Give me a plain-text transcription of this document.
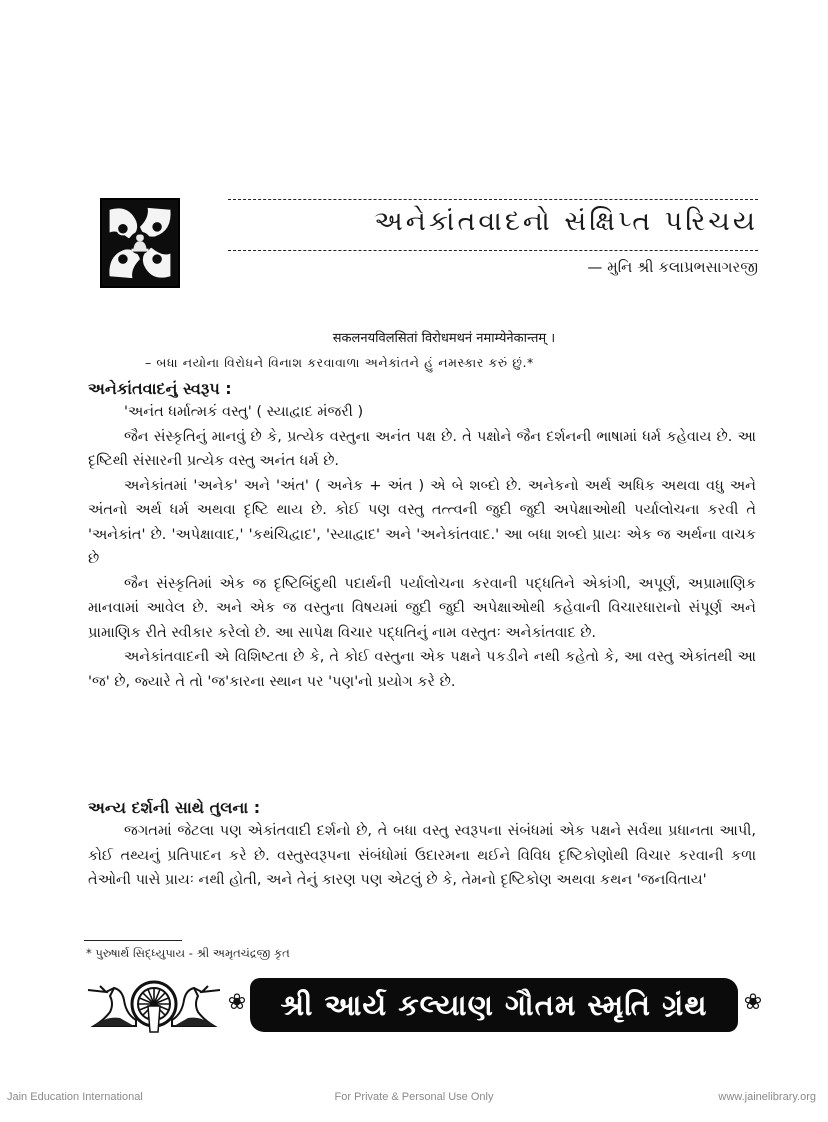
અનેકાંતવાદનો સંક્ષિપ્ત પરિચય
— મુનિ શ્રી કલાપ્રભસાગરજી
सकलनयविलसितां विरोधमथनं नमाम्येनेकान्तम् ।
– બધા નયોના વિરોધને વિનાશ કરવાવાળા અનેકાંતને હું નમસ્કાર કરું છું.*
અનેકાંતવાદનું સ્વરૂપ :

'અનંત ધર્માત્મકં વસ્તુ' ( સ્યાદ્વાદ મંજરી )

જૈન સંસ્કૃતિનું માનવું છે કે, પ્રત્યેક વસ્તુના અનંત પક્ષ છે. તે પક્ષોને જૈન દર્શનની ભાષામાં ધર્મ કહેવાય છે. આ દૃષ્ટિથી સંસારની પ્રત્યેક વસ્તુ અનંત ધર્મ છે.

અનેકાંતમાં 'અનેક' અને 'અંત' ( અનેક + અંત ) એ બે શબ્દો છે. અનેકનો અર્થ અધિક અથવા વધુ અને અંતનો અર્થ ધર્મ અથવા દૃષ્ટિ થાય છે. કોઈ પણ વસ્તુ તત્ત્વની જુદી જુદી અપેક્ષાઓથી પર્યાલોચના કરવી તે 'અનેકાંત' છે. 'અપેક્ષાવાદ,' 'કથંચિદ્વાદ', 'સ્યાદ્વાદ' અને 'અનેકાંતવાદ.' આ બધા શબ્દો પ્રાયઃ એક જ અર્થના વાચક છે

જૈન સંસ્કૃતિમાં એક જ દૃષ્ટિબિંદુથી પદાર્થની પર્યાલોચના કરવાની પદ્ધતિને એકાંગી, અપૂર્ણ, અપ્રામાણિક માનવામાં આવેલ છે. અને એક જ વસ્તુના વિષયમાં જુદી જુદી અપેક્ષાઓથી કહેવાની વિચારધારાનો સંપૂર્ણ અને પ્રામાણિક રીતે સ્વીકાર કરેલો છે. આ સાપેક્ષ વિચાર પદ્ધતિનું નામ વસ્તુતઃ અનેકાંતવાદ છે.

અનેકાંતવાદની એ વિશિષ્ટતા છે કે, તે કોઈ વસ્તુના એક પક્ષને પકડીને નથી કહેતો કે, આ વસ્તુ એકાંતથી આ 'જ' છે, જ્યારે તે તો 'જ'કારના સ્થાન પર 'પણ'નો પ્રયોગ કરે છે.

અન્ય દર્શની સાથે તુલના :

જગતમાં જેટલા પણ એકાંતવાદી દર્શનો છે, તે બધા વસ્તુ સ્વરૂપના સંબંધમાં એક પક્ષને સર્વથા પ્રધાનતા આપી, કોઈ તથ્યનું પ્રતિપાદન કરે છે. વસ્તુસ્વરૂપના સંબંધોમાં ઉદારમના થઈને વિવિધ દૃષ્ટિકોણોથી વિચાર કરવાની કળા તેઓની પાસે પ્રાયઃ નથી હોતી, અને તેનું કારણ પણ એટલું છે કે, તેમનો દૃષ્ટિકોણ અથવા કથન 'જનવિતાય'

* પુરુષાર્થ સિદ્ધ્યુપાય - શ્રી અમૃતચંદ્રજી કૃત
❀ શ્રી આર્ય કલ્યાણ ગૌતમ સ્મૃતિ ગ્રંથ ❀
Jain Education International	For Private & Personal Use Only	www.jainelibrary.org
